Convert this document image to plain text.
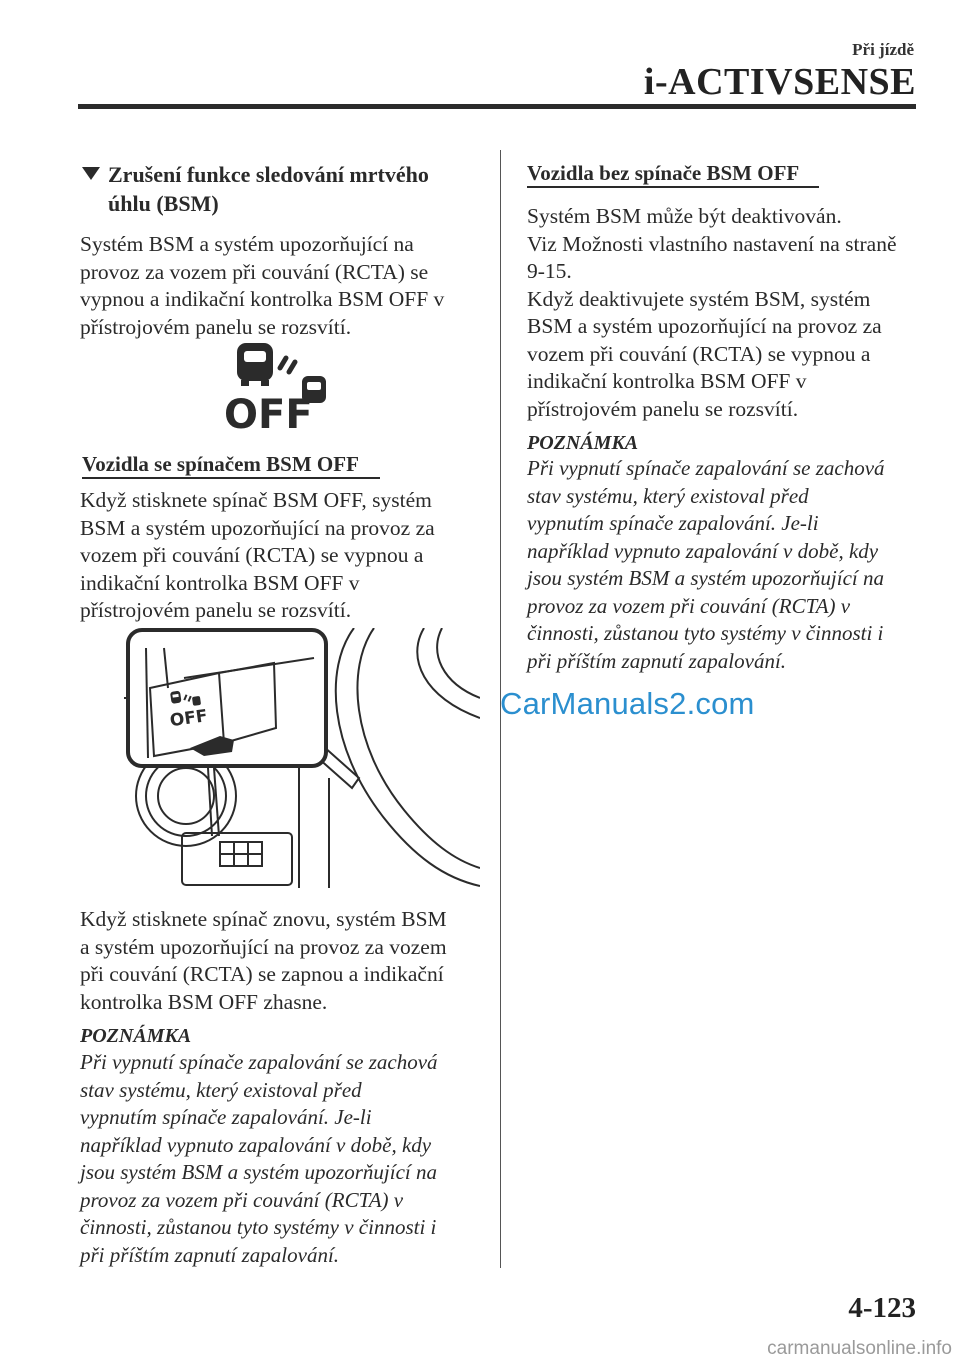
Při jízdě
i-ACTIVSENSE
Zrušení funkce sledování mrtvého
úhlu (BSM)
Systém BSM a systém upozorňující na
provoz za vozem při couvání (RCTA) se
vypnou a indikační kontrolka BSM OFF v
přístrojovém panelu se rozsvítí.
OFF
Vozidla se spínačem BSM OFF
Když stisknete spínač BSM OFF, systém
BSM a systém upozorňující na provoz za
vozem při couvání (RCTA) se vypnou a
indikační kontrolka BSM OFF v
přístrojovém panelu se rozsvítí.
OFF
Když stisknete spínač znovu, systém BSM
a systém upozorňující na provoz za vozem
při couvání (RCTA) se zapnou a indikační
kontrolka BSM OFF zhasne.
POZNÁMKA
Při vypnutí spínače zapalování se zachová
stav systému, který existoval před
vypnutím spínače zapalování. Je-li
například vypnuto zapalování v době, kdy
jsou systém BSM a systém upozorňující na
provoz za vozem při couvání (RCTA) v
činnosti, zůstanou tyto systémy v činnosti i
při příštím zapnutí zapalování.
Vozidla bez spínače BSM OFF
Systém BSM může být deaktivován.
Viz Možnosti vlastního nastavení na straně
9-15.
Když deaktivujete systém BSM, systém
BSM a systém upozorňující na provoz za
vozem při couvání (RCTA) se vypnou a
indikační kontrolka BSM OFF v
přístrojovém panelu se rozsvítí.
POZNÁMKA
Při vypnutí spínače zapalování se zachová
stav systému, který existoval před
vypnutím spínače zapalování. Je-li
například vypnuto zapalování v době, kdy
jsou systém BSM a systém upozorňující na
provoz za vozem při couvání (RCTA) v
činnosti, zůstanou tyto systémy v činnosti i
při příštím zapnutí zapalování.
CarManuals2.com
4-123
carmanualsonline.info
